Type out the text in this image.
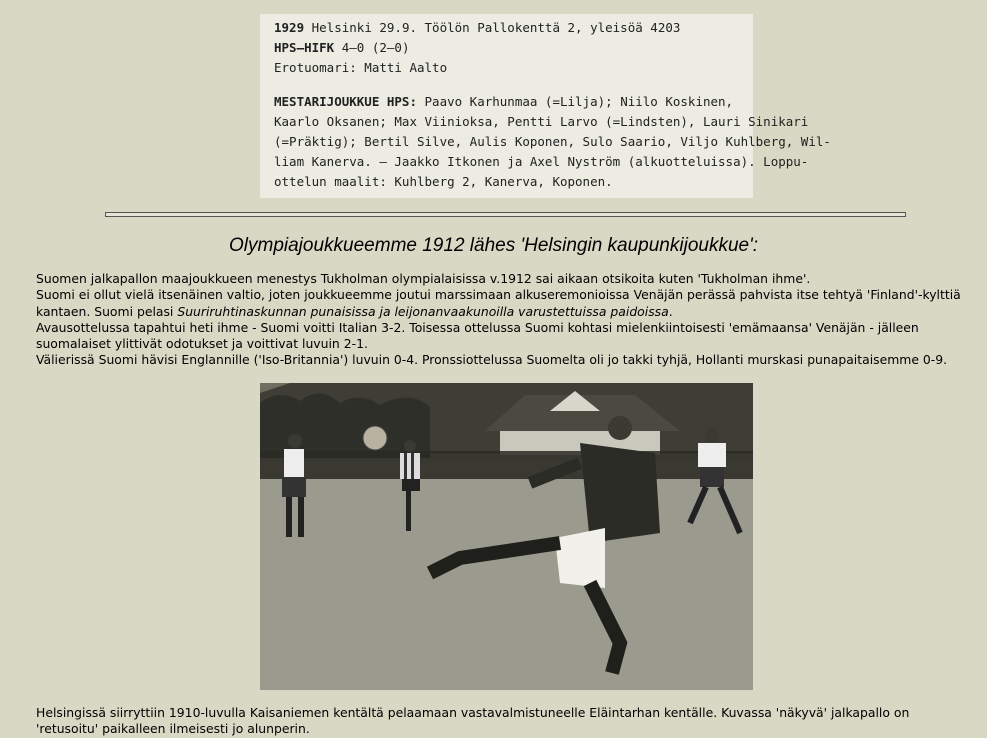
1929 Helsinki 29.9. Töölön Pallokenttä 2, yleisöä 4203
HPS–HIFK 4–0 (2–0)
Erotuomari: Matti Aalto
MESTARIJOUKKUE HPS: Paavo Karhunmaa (=Lilja); Niilo Koskinen,
Kaarlo Oksanen; Max Viinioksa, Pentti Larvo (=Lindsten), Lauri Sinikari
(=Präktig); Bertil Silve, Aulis Koponen, Sulo Saario, Viljo Kuhlberg, Wil-
liam Kanerva. – Jaakko Itkonen ja Axel Nyström (alkuotteluissa). Loppu-
ottelun maalit: Kuhlberg 2, Kanerva, Koponen.
Olympiajoukkueemme 1912 lähes 'Helsingin kaupunkijoukkue':
Suomen jalkapallon maajoukkueen menestys Tukholman olympialaisissa v.1912 sai aikaan otsikoita kuten 'Tukholman ihme'.
Suomi ei ollut vielä itsenäinen valtio, joten joukkueemme joutui marssimaan alkuseremonioissa Venäjän perässä pahvista itse tehtyä 'Finland'-kylttiä kantaen. Suomi pelasi Suuriruhtinaskunnan punaisissa ja leijonanvaakunoilla varustettuissa paidoissa.
Avausottelussa tapahtui heti ihme - Suomi voitti Italian 3-2. Toisessa ottelussa Suomi kohtasi mielenkiintoisesti 'emämaansa' Venäjän - jälleen suomalaiset ylittivät odotukset ja voittivat luvuin 2-1.
Välierissä Suomi hävisi Englannille ('Iso-Britannia') luvuin 0-4. Pronssiottelussa Suomelta oli jo takki tyhjä, Hollanti murskasi punapaitaisemme 0-9.
Helsingissä siirryttiin 1910-luvulla Kaisaniemen kentältä pelaamaan vastavalmistuneelle Eläintarhan kentälle. Kuvassa 'näkyvä' jalkapallo on 'retusoitu' paikalleen ilmeisesti jo alunperin.
